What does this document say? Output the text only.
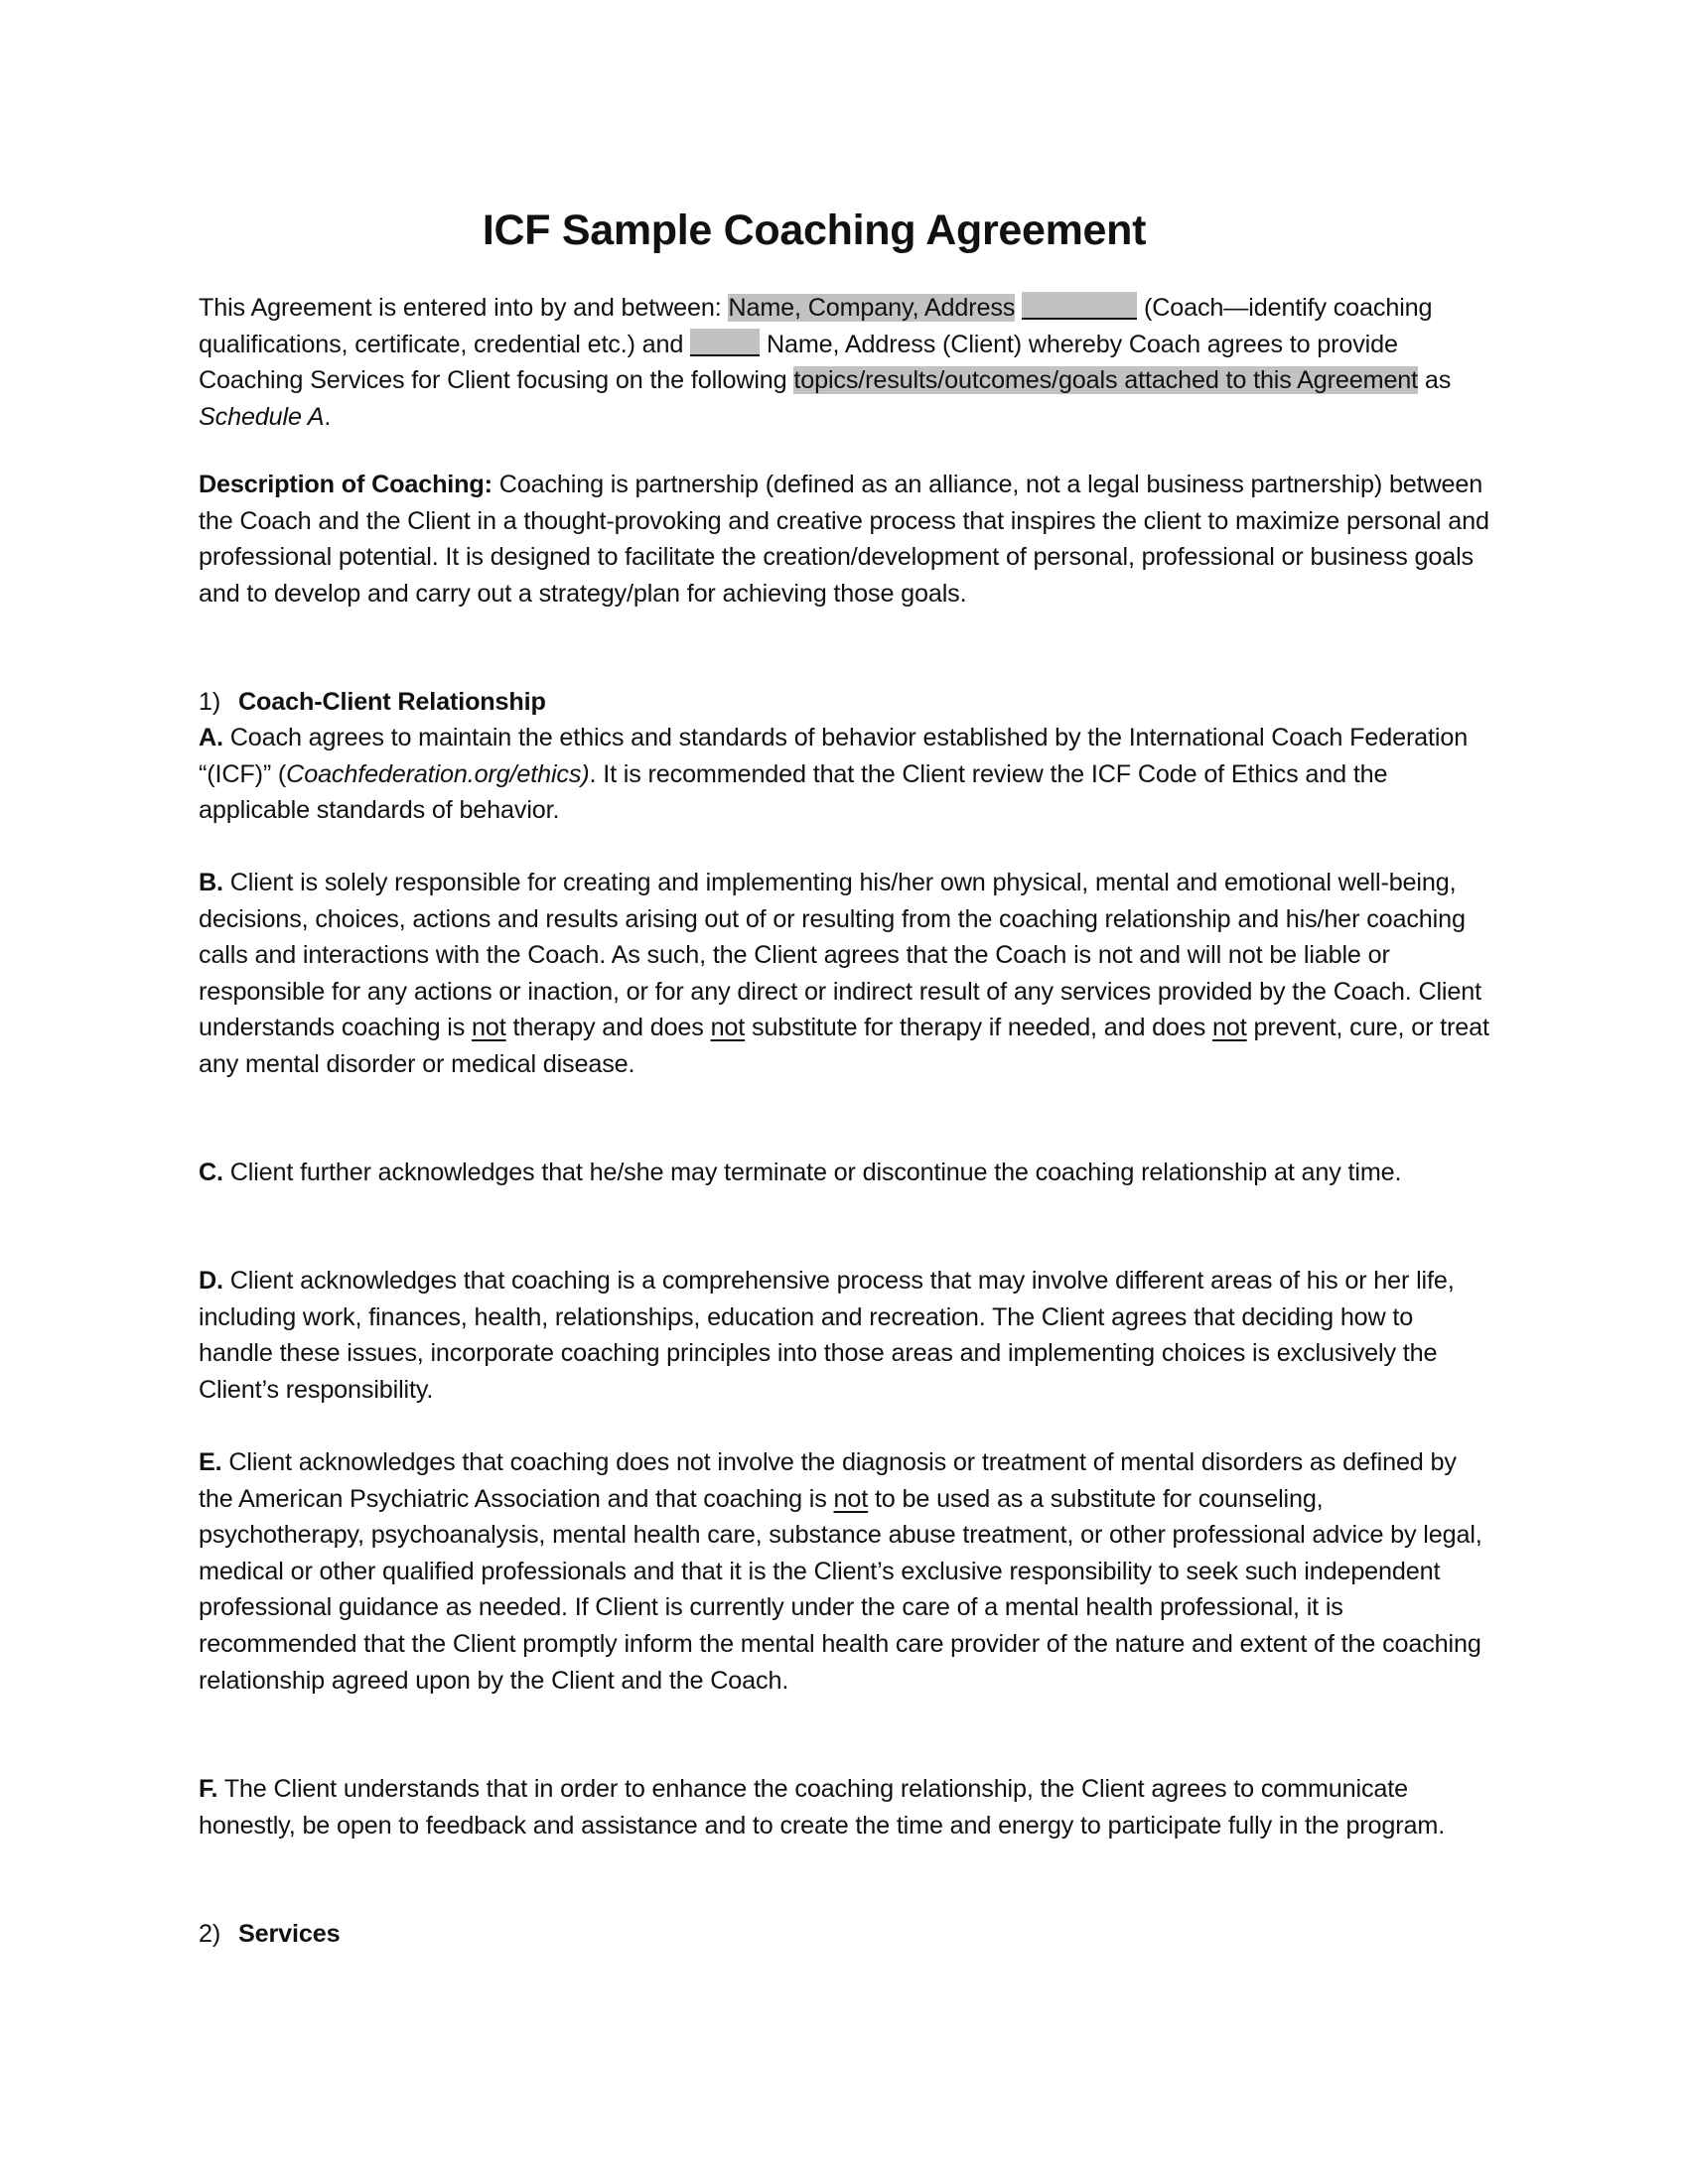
ICF Sample Coaching Agreement

This Agreement is entered into by and between: Name, Company, Address	(Coach—identify coaching qualifications, certificate, credential etc.) and	Name, Address (Client) whereby Coach agrees to provide Coaching Services for Client focusing on the following topics/results/outcomes/goals attached to this Agreement as Schedule A.

Description of Coaching: Coaching is partnership (defined as an alliance, not a legal business partnership) between the Coach and the Client in a thought-provoking and creative process that inspires the client to maximize personal and professional potential. It is designed to facilitate the creation/development of personal, professional or business goals and to develop and carry out a strategy/plan for achieving those goals.

1) Coach-Client Relationship

A. Coach agrees to maintain the ethics and standards of behavior established by the International Coach Federation “(ICF)” (Coachfederation.org/ethics). It is recommended that the Client review the ICF Code of Ethics and the applicable standards of behavior.

B. Client is solely responsible for creating and implementing his/her own physical, mental and emotional well-being, decisions, choices, actions and results arising out of or resulting from the coaching relationship and his/her coaching calls and interactions with the Coach. As such, the Client agrees that the Coach is not and will not be liable or responsible for any actions or inaction, or for any direct or indirect result of any services provided by the Coach. Client understands coaching is not therapy and does not substitute for therapy if needed, and does not prevent, cure, or treat any mental disorder or medical disease.

C. Client further acknowledges that he/she may terminate or discontinue the coaching relationship at any time.

D. Client acknowledges that coaching is a comprehensive process that may involve different areas of his or her life, including work, finances, health, relationships, education and recreation. The Client agrees that deciding how to handle these issues, incorporate coaching principles into those areas and implementing choices is exclusively the Client’s responsibility.

E. Client acknowledges that coaching does not involve the diagnosis or treatment of mental disorders as defined by the American Psychiatric Association and that coaching is not to be used as a substitute for counseling, psychotherapy, psychoanalysis, mental health care, substance abuse treatment, or other professional advice by legal, medical or other qualified professionals and that it is the Client’s exclusive responsibility to seek such independent professional guidance as needed. If Client is currently under the care of a mental health professional, it is recommended that the Client promptly inform the mental health care provider of the nature and extent of the coaching relationship agreed upon by the Client and the Coach.

F. The Client understands that in order to enhance the coaching relationship, the Client agrees to communicate honestly, be open to feedback and assistance and to create the time and energy to participate fully in the program.

2) Services
